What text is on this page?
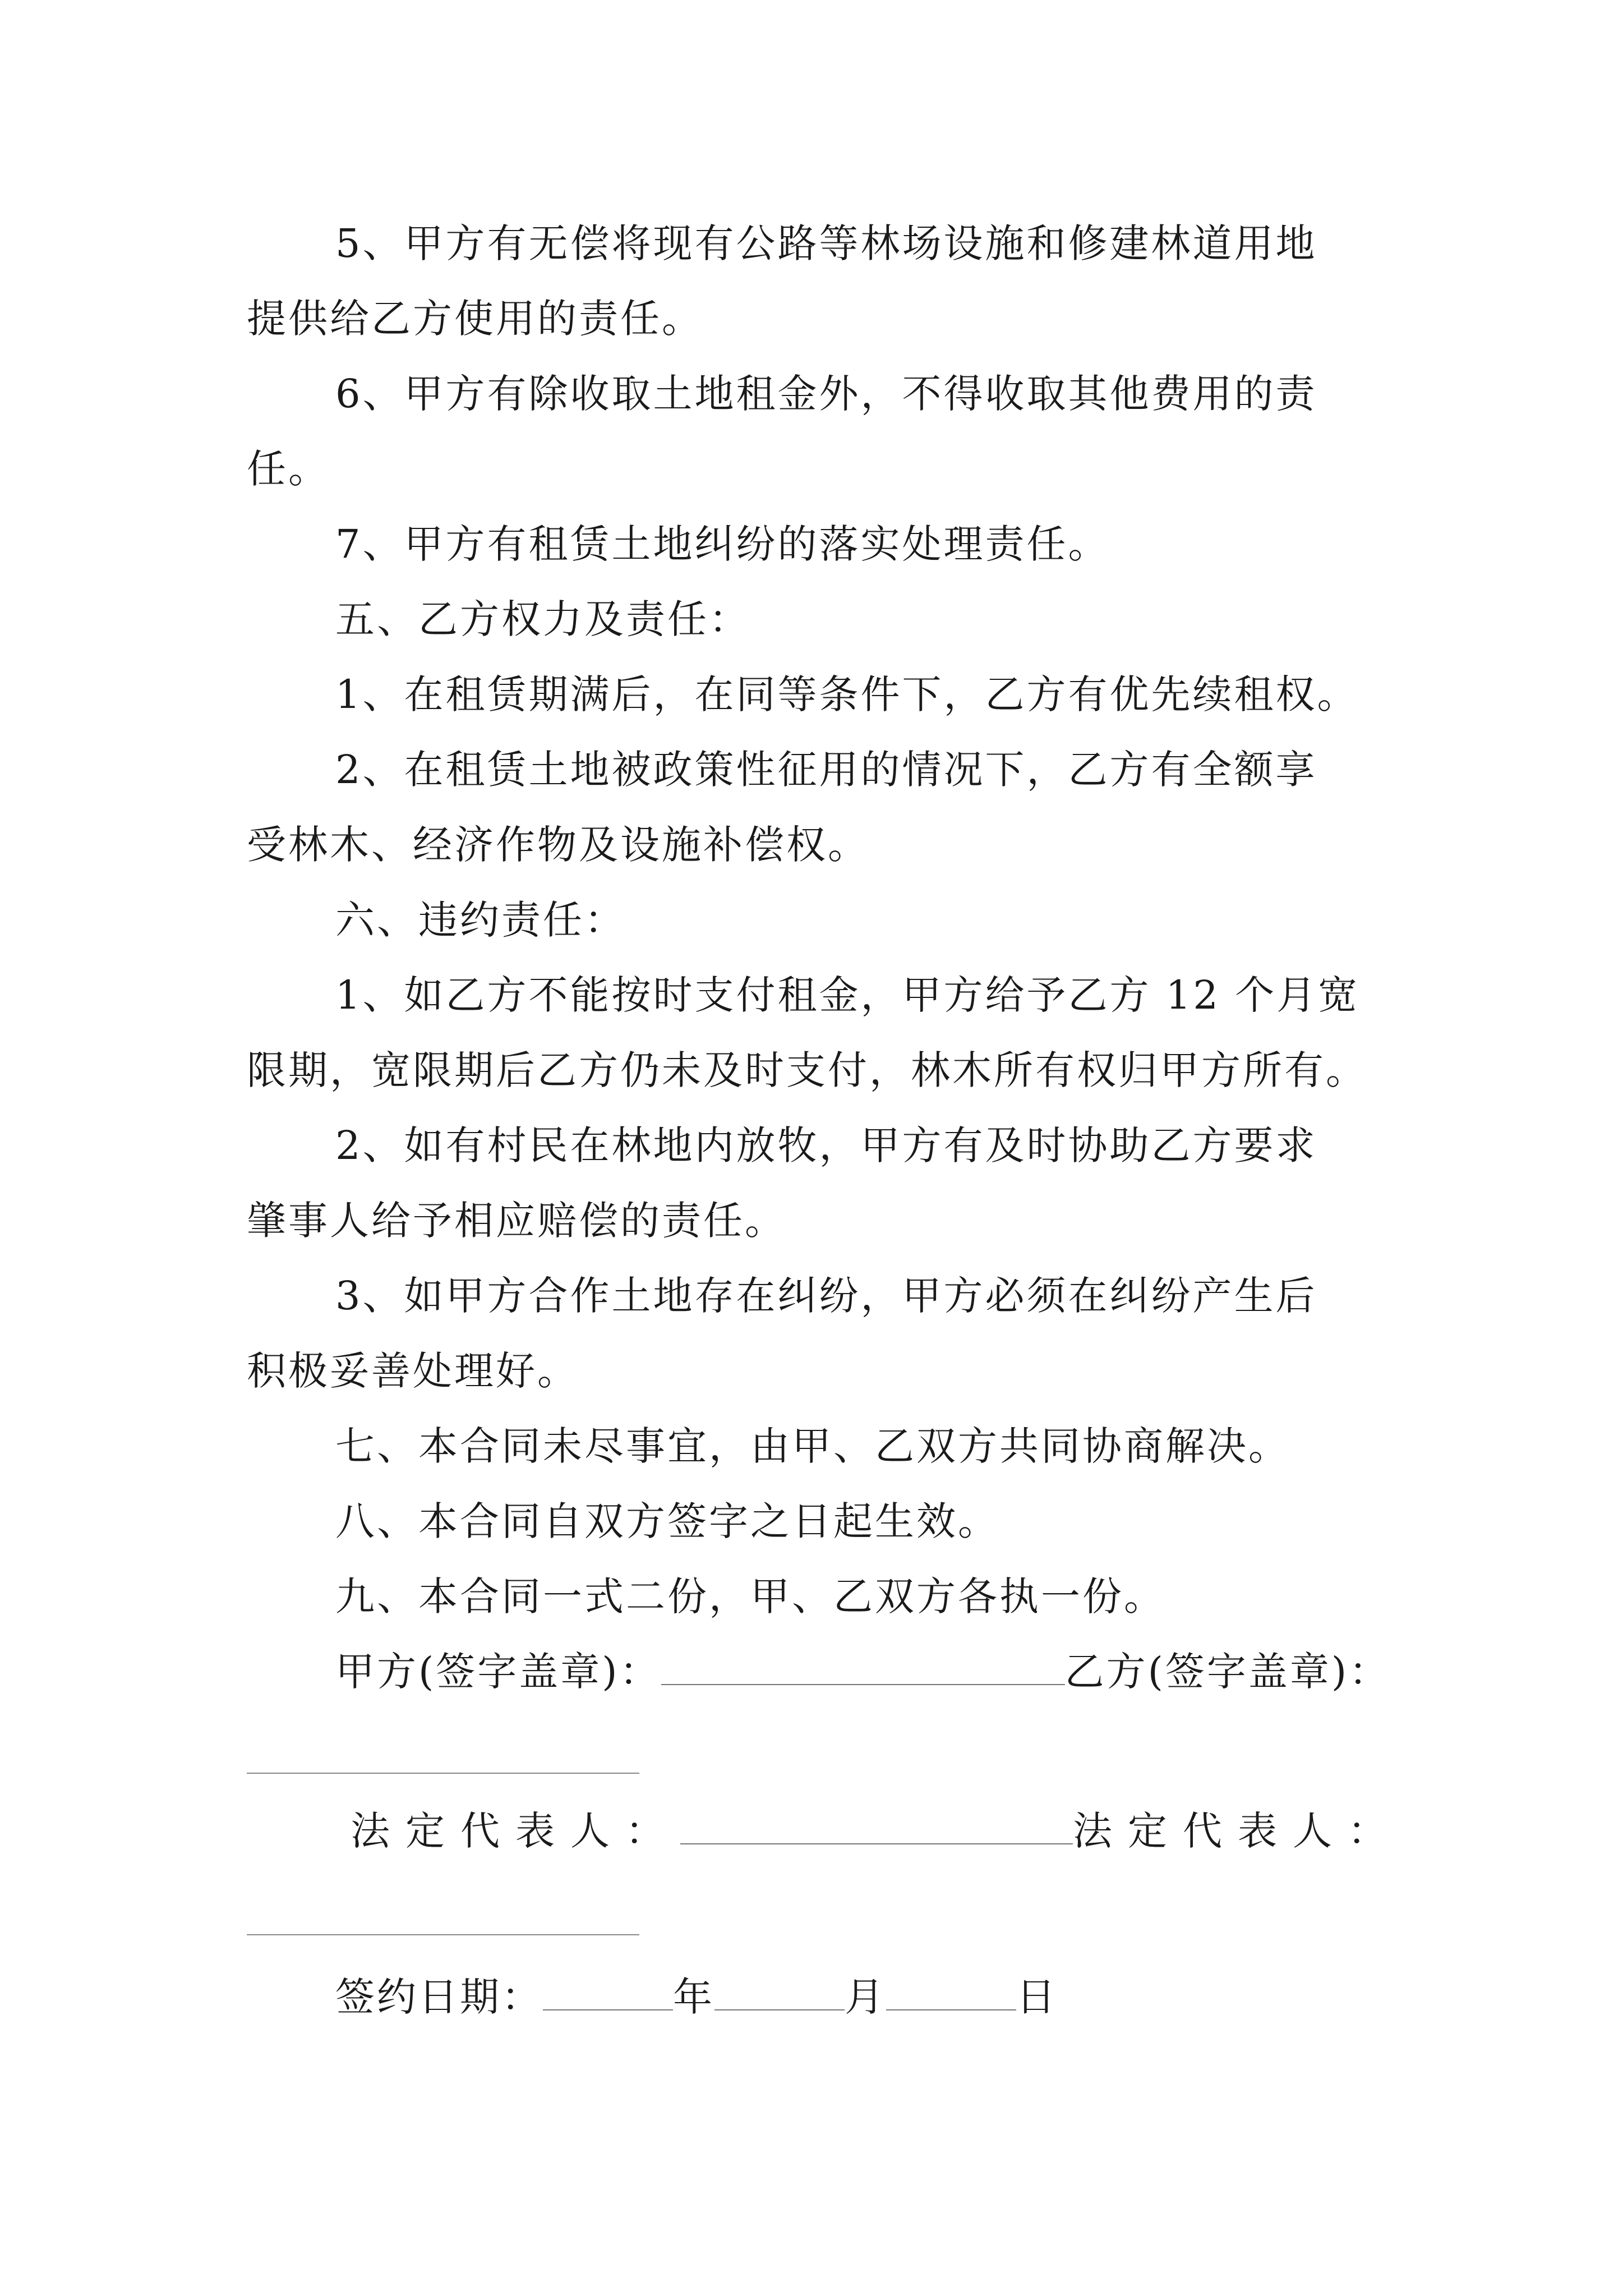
5、甲方有无偿将现有公路等林场设施和修建林道用地
提供给乙方使用的责任。
6、甲方有除收取土地租金外，不得收取其他费用的责
任。
7、甲方有租赁土地纠纷的落实处理责任。
五、乙方权力及责任：
1、在租赁期满后，在同等条件下，乙方有优先续租权。
2、在租赁土地被政策性征用的情况下，乙方有全额享
受林木、经济作物及设施补偿权。
六、违约责任：
1、如乙方不能按时支付租金，甲方给予乙方 12 个月宽
限期，宽限期后乙方仍未及时支付，林木所有权归甲方所有。
2、如有村民在林地内放牧，甲方有及时协助乙方要求
肇事人给予相应赔偿的责任。
3、如甲方合作土地存在纠纷，甲方必须在纠纷产生后
积极妥善处理好。
七、本合同未尽事宜，由甲、乙双方共同协商解决。
八、本合同自双方签字之日起生效。
九、本合同一式二份，甲、乙双方各执一份。
甲方(签字盖章)：	乙方(签字盖章)：
法定代表人：	法定代表人：
签约日期：	年	月	日
